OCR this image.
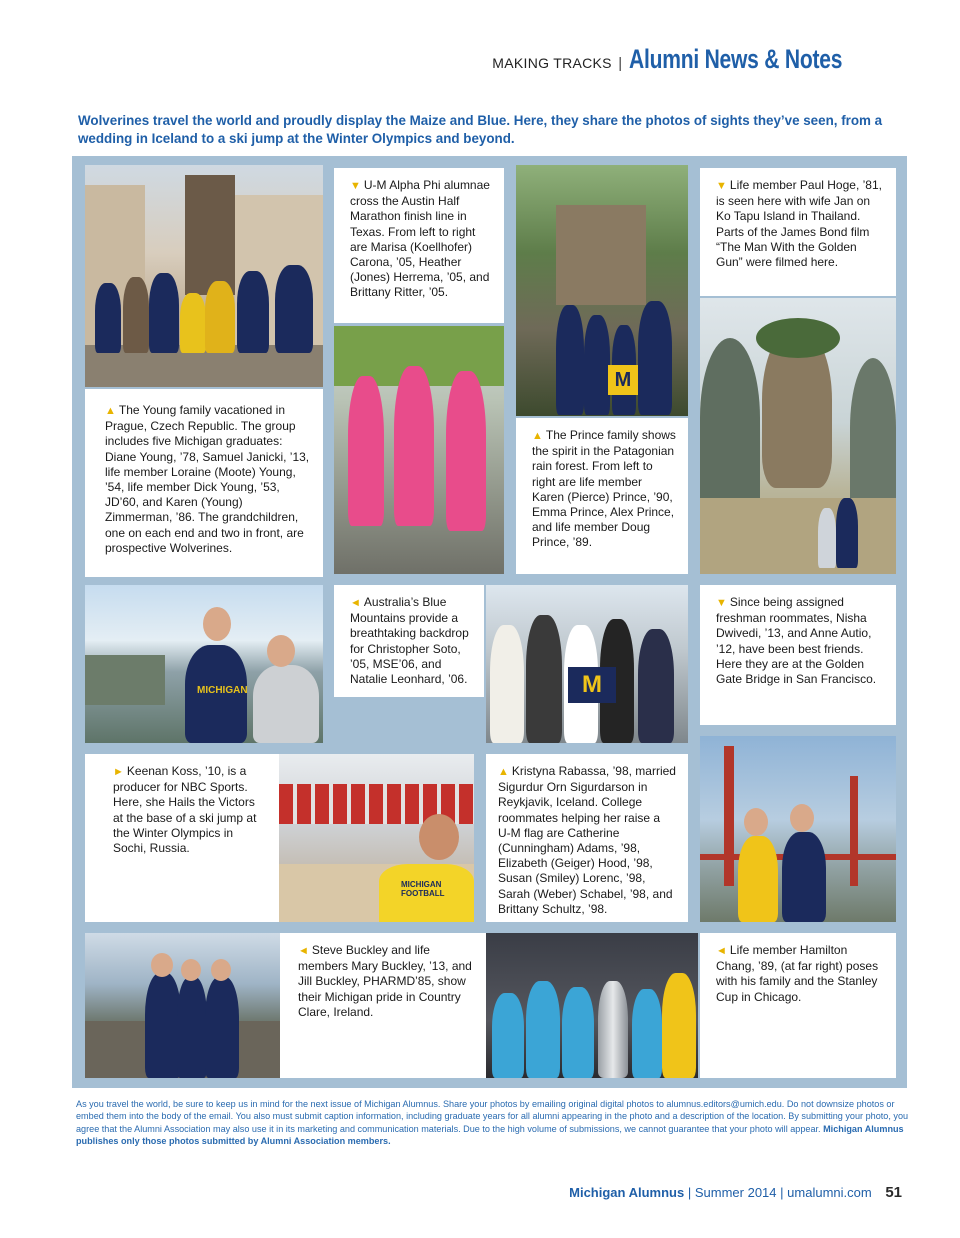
MAKING TRACKS | Alumni News & Notes
Wolverines travel the world and proudly display the Maize and Blue. Here, they share the photos of sights they’ve seen, from a wedding in Iceland to a ski jump at the Winter Olympics and beyond.
▼ U-M Alpha Phi alumnae cross the Austin Half Marathon finish line in Texas. From left to right are Marisa (Koellhofer) Carona, ’05, Heather (Jones) Herrema, ’05, and Brittany Ritter, ’05.
M
▼ Life member Paul Hoge, ’81, is seen here with wife Jan on Ko Tapu Island in Thailand. Parts of the James Bond film “The Man With the Golden Gun” were filmed here.
▲ The Young family vacationed in Prague, Czech Republic. The group includes five Michigan graduates: Diane Young, ’78, Samuel Janicki, ’13, life member Loraine (Moote) Young, ’54, life member Dick Young, ’53, JD’60, and Karen (Young) Zimmerman, ’86. The grandchildren, one on each end and two in front, are prospective Wolverines.
▲ The Prince family shows the spirit in the Patagonian rain forest. From left to right are life member Karen (Pierce) Prince, ’90, Emma Prince, Alex Prince, and life member Doug Prince, ’89.
MICHIGAN
◄ Australia’s Blue Mountains provide a breathtaking backdrop for Christopher Soto, ’05, MSE’06, and Natalie Leonhard, ’06.	M
▼ Since being assigned freshman roommates, Nisha Dwivedi, ’13, and Anne Autio, ’12, have been best friends. Here they are at the Golden Gate Bridge in San Francisco.
► Keenan Koss, ’10, is a producer for NBC Sports. Here, she Hails the Victors at the base of a ski jump at the Winter Olympics in Sochi, Russia.
MICHIGAN FOOTBALL
▲ Kristyna Rabassa, ’98, married Sigurdur Orn Sigurdarson in Reykjavik, Iceland. College roommates helping her raise a U-M flag are Catherine (Cunningham) Adams, ’98, Elizabeth (Geiger) Hood, ’98, Susan (Smiley) Lorenc, ’98, Sarah (Weber) Schabel, ’98, and Brittany Schultz, ’98.
◄ Steve Buckley and life members Mary Buckley, ’13, and Jill Buckley, PHARMD’85, show their Michigan pride in Country Clare, Ireland.
◄ Life member Hamilton Chang, ’89, (at far right) poses with his family and the Stanley Cup in Chicago.
As you travel the world, be sure to keep us in mind for the next issue of Michigan Alumnus. Share your photos by emailing original digital photos to alumnus.editors@umich.edu. Do not downsize photos or embed them into the body of the email. You also must submit caption information, including graduate years for all alumni appearing in the photo and a description of the location. By submitting your photo, you agree that the Alumni Association may also use it in its marketing and communication materials. Due to the high volume of submissions, we cannot guarantee that your photo will appear. Michigan Alumnus publishes only those photos submitted by Alumni Association members.
Michigan Alumnus | Summer 2014 | umalumni.com 51
